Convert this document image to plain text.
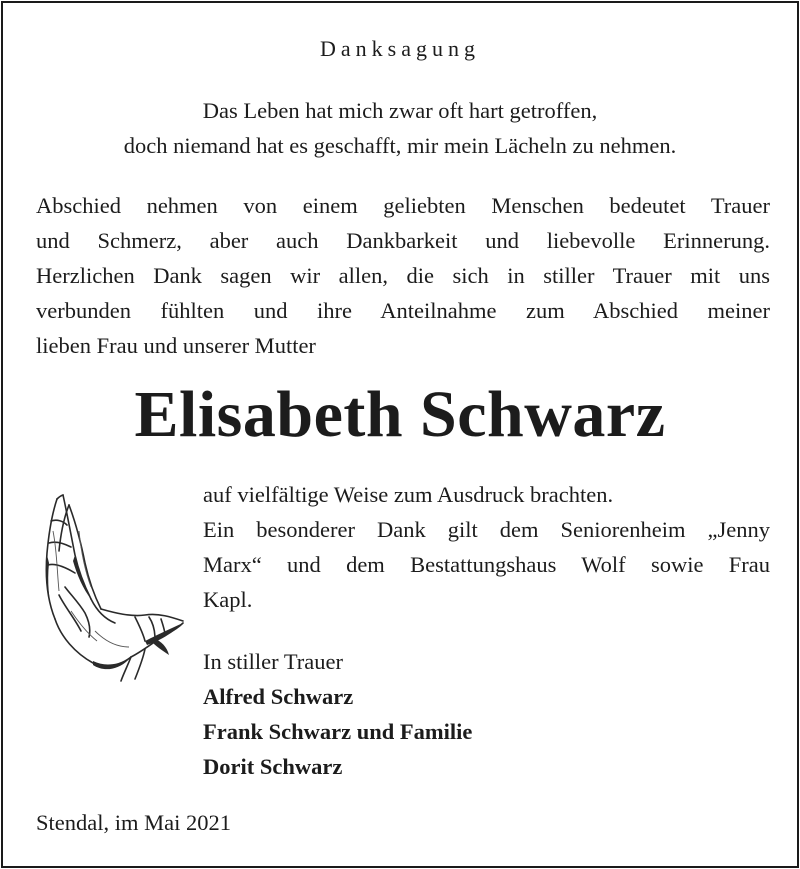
Danksagung
Das Leben hat mich zwar oft hart getroffen,
doch niemand hat es geschafft, mir mein Lächeln zu nehmen.
Abschied nehmen von einem geliebten Menschen bedeutet Trauer
und Schmerz, aber auch Dankbarkeit und liebevolle Erinnerung.
Herzlichen Dank sagen wir allen, die sich in stiller Trauer mit uns
verbunden fühlten und ihre Anteilnahme zum Abschied meiner
lieben Frau und unserer Mutter
Elisabeth Schwarz
auf vielfältige Weise zum Ausdruck brachten.
Ein besonderer Dank gilt dem Seniorenheim „Jenny
Marx“ und dem Bestattungshaus Wolf sowie Frau
Kapl.
In stiller Trauer
Alfred Schwarz
Frank Schwarz und Familie
Dorit Schwarz
Stendal, im Mai 2021
